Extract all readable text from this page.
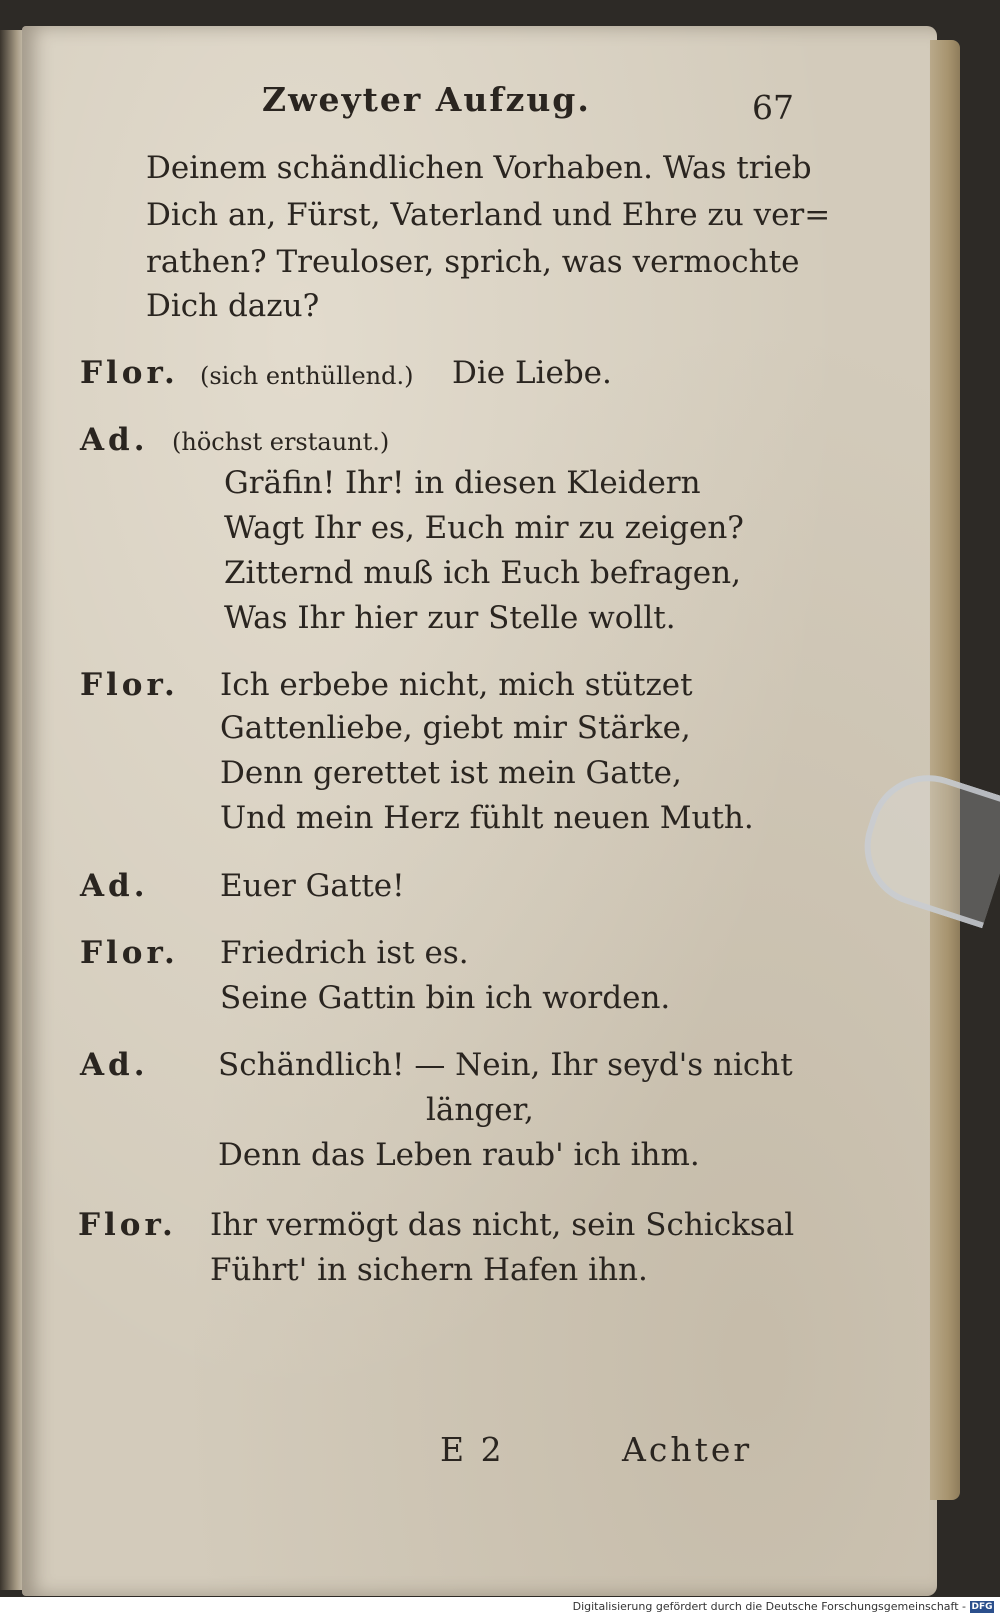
Zweyter Aufzug.	67
Deinem schändlichen Vorhaben. Was trieb
Dich an, Fürst, Vaterland und Ehre zu ver=
rathen? Treuloser, sprich, was vermochte
Dich dazu?
Flor. (sich enthüllend.) Die Liebe.
Ad. (höchst erstaunt.)
Gräfin! Ihr! in diesen Kleidern
Wagt Ihr es, Euch mir zu zeigen?
Zitternd muß ich Euch befragen,
Was Ihr hier zur Stelle wollt.
Flor. Ich erbebe nicht, mich stützet
Gattenliebe, giebt mir Stärke,
Denn gerettet ist mein Gatte,
Und mein Herz fühlt neuen Muth.
Ad. Euer Gatte!
Flor. Friedrich ist es.
Seine Gattin bin ich worden.
Ad. Schändlich! — Nein, Ihr seyd's nicht
länger,
Denn das Leben raub' ich ihm.
Flor. Ihr vermögt das nicht, sein Schicksal
Führt' in sichern Hafen ihn.
E 2	Achter
Digitalisierung gefördert durch die Deutsche Forschungsgemeinschaft - DFG
